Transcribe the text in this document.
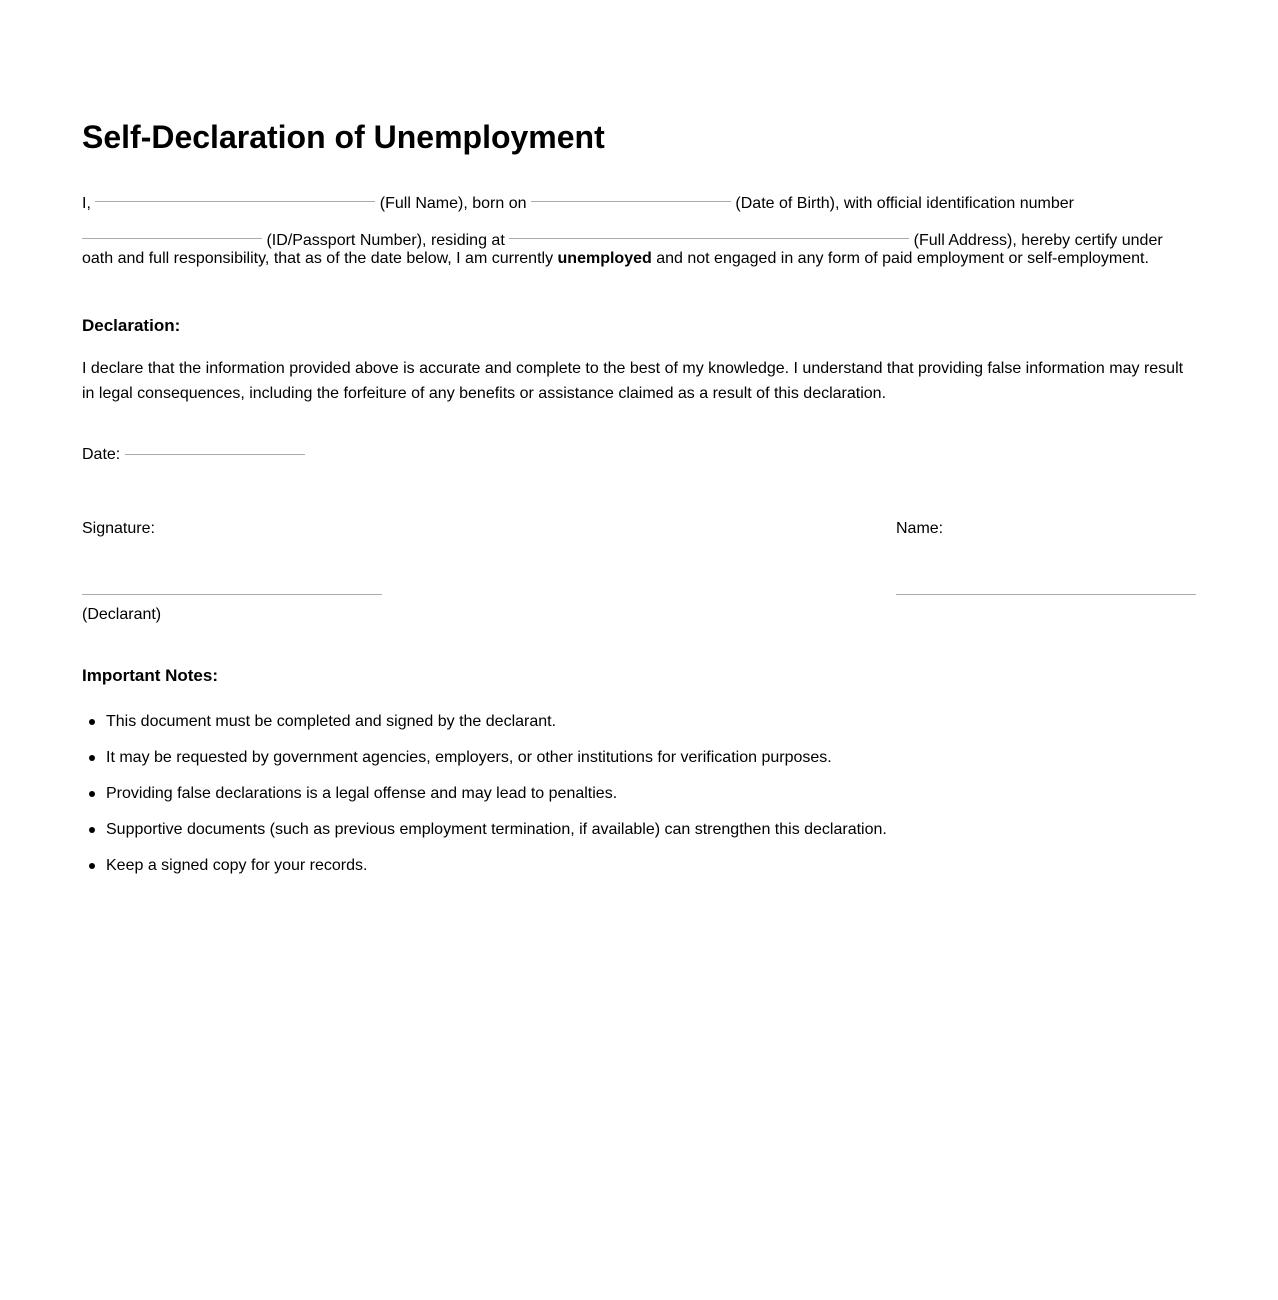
Self-Declaration of Unemployment
I,	(Full Name), born on	(Date of Birth), with official identification number
(ID/Passport Number), residing at	(Full Address), hereby certify under
oath and full responsibility, that as of the date below, I am currently unemployed and not engaged in any form of paid employment or self-employment.
Declaration:

I declare that the information provided above is accurate and complete to the best of my knowledge. I understand that providing false information may result in legal consequences, including the forfeiture of any benefits or assistance claimed as a result of this declaration.

Date:
Signature:	Name:
(Declarant)
Important Notes:
This document must be completed and signed by the declarant.
It may be requested by government agencies, employers, or other institutions for verification purposes.
Providing false declarations is a legal offense and may lead to penalties.
Supportive documents (such as previous employment termination, if available) can strengthen this declaration.
Keep a signed copy for your records.
